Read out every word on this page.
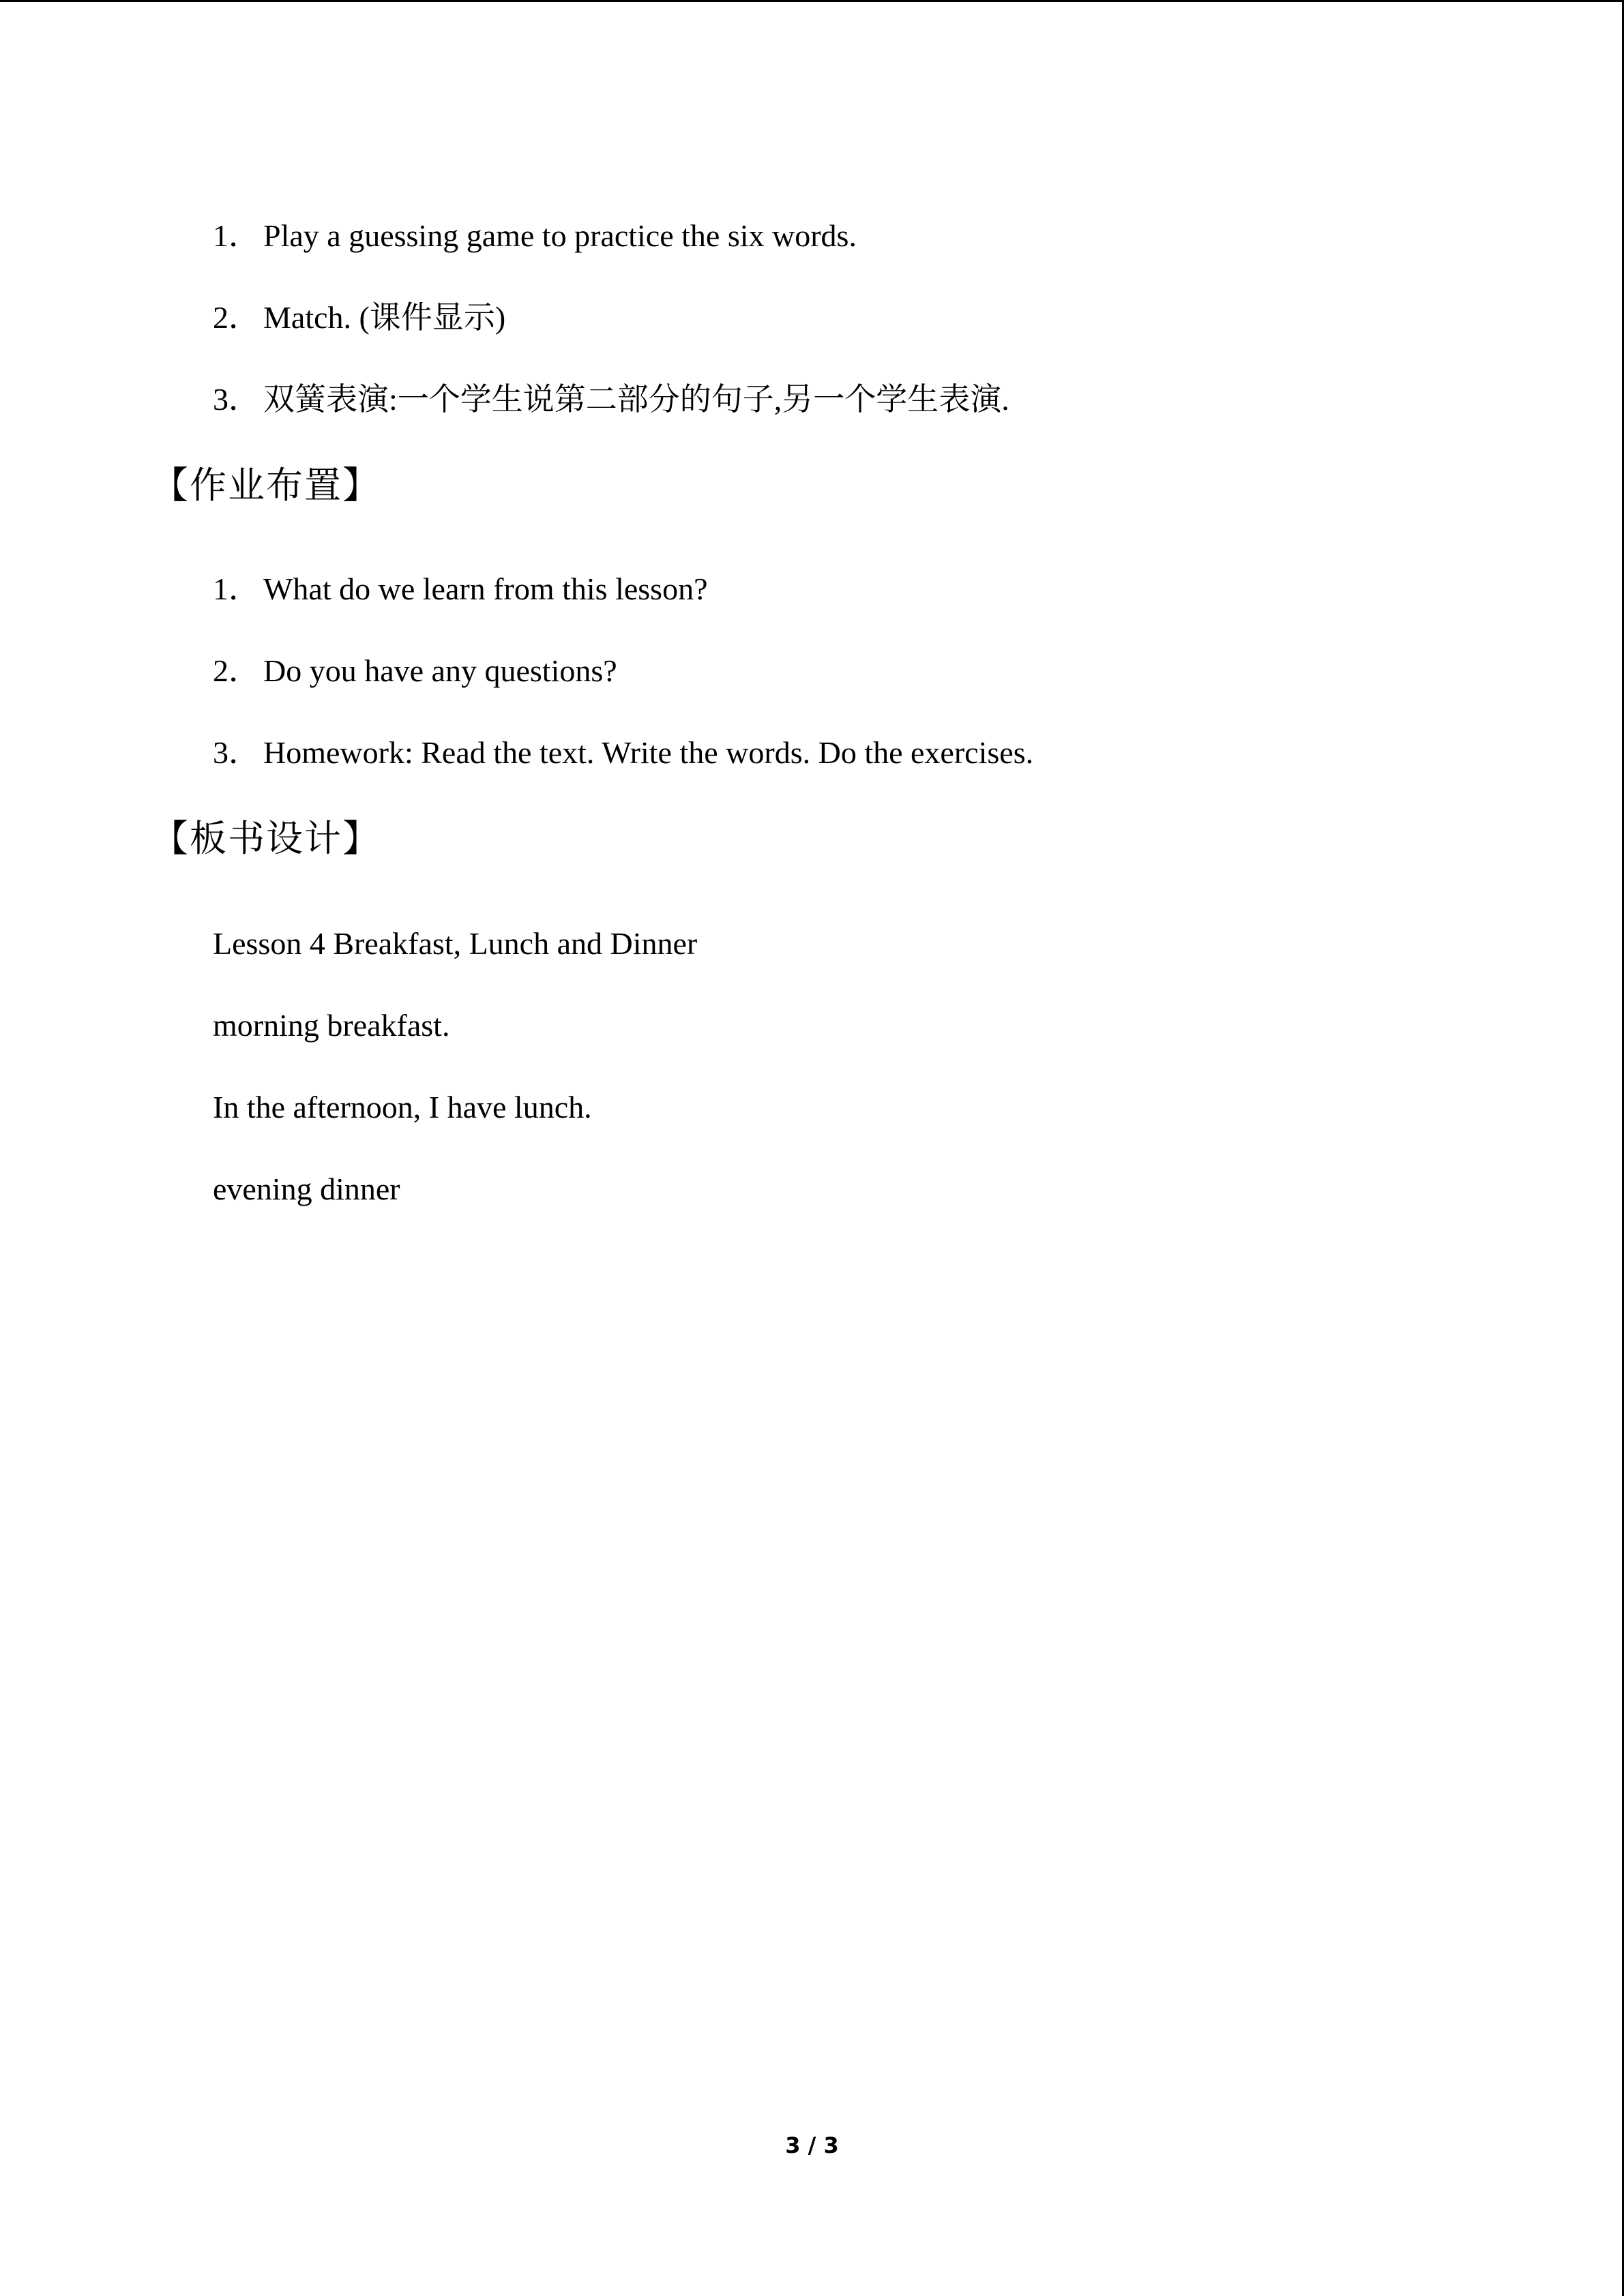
1． Play a guessing game to practice the six words.
2． Match. (课件显示)
3． 双簧表演:一个学生说第二部分的句子,另一个学生表演.
【作业布置】
1． What do we learn from this lesson?
2． Do you have any questions?
3． Homework: Read the text. Write the words. Do the exercises.
【板书设计】
Lesson 4 Breakfast, Lunch and Dinner
morning breakfast.
In the afternoon, I have lunch.
evening dinner
3 / 3
